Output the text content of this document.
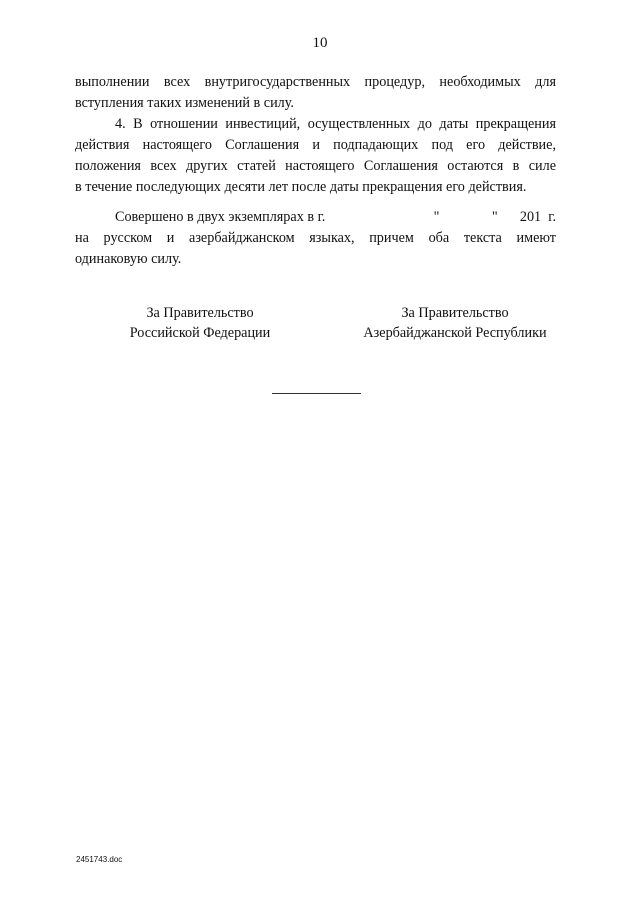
10

выполнении всех внутригосударственных процедур, необходимых для

вступления таких изменений в силу.

4. В отношении инвестиций, осуществленных до даты прекращения

действия настоящего Соглашения и подпадающих под его действие,

положения всех других статей настоящего Соглашения остаются в силе

в течение последующих десяти лет после даты прекращения его действия.

Совершено в двух экземплярах в г.	"	" 201  г.

на русском и азербайджанском языках, причем оба текста имеют

одинаковую силу.

За Правительство
Российской Федерации
За Правительство
Азербайджанской Республики
2451743.doc
